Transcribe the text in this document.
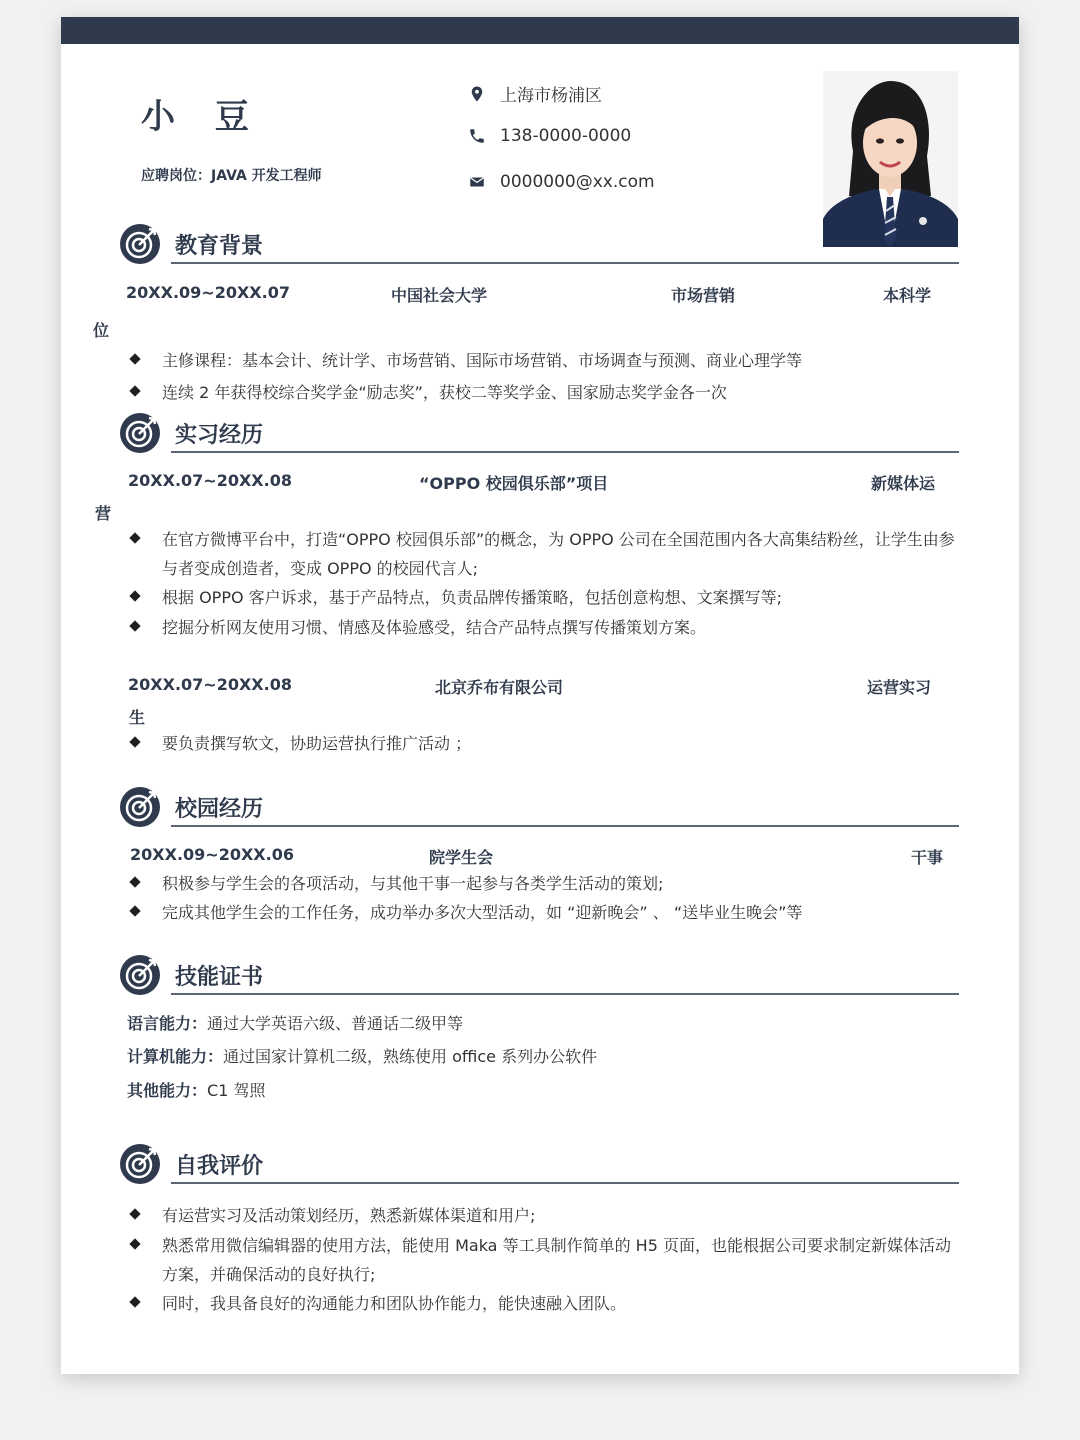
小 豆
应聘岗位：JAVA 开发工程师
上海市杨浦区
138-0000-0000
0000000@xx.com
教育背景
20XX.09~20XX.07	中国社会大学	市场营销	本科学
位
主修课程：基本会计、统计学、市场营销、国际市场营销、市场调查与预测、商业心理学等
连续 2 年获得校综合奖学金“励志奖”，获校二等奖学金、国家励志奖学金各一次
实习经历
20XX.07~20XX.08	“OPPO 校园俱乐部”项目	新媒体运
营
在官方微博平台中，打造“OPPO 校园俱乐部”的概念，为 OPPO 公司在全国范围内各大高集结粉丝，让学生由参与者变成创造者，变成 OPPO 的校园代言人;
根据 OPPO 客户诉求，基于产品特点，负责品牌传播策略，包括创意构想、文案撰写等;
挖掘分析网友使用习惯、情感及体验感受，结合产品特点撰写传播策划方案。
20XX.07~20XX.08	北京乔布有限公司	运营实习
生
要负责撰写软文，协助运营执行推广活动 ；
校园经历
20XX.09~20XX.06	院学生会	干事
积极参与学生会的各项活动，与其他干事一起参与各类学生活动的策划;
完成其他学生会的工作任务，成功举办多次大型活动，如 “迎新晚会” 、 “送毕业生晚会”等
技能证书
语言能力：通过大学英语六级、普通话二级甲等
计算机能力：通过国家计算机二级，熟练使用 office 系列办公软件
其他能力：C1 驾照
自我评价
有运营实习及活动策划经历，熟悉新媒体渠道和用户;
熟悉常用微信编辑器的使用方法，能使用 Maka 等工具制作简单的 H5 页面，也能根据公司要求制定新媒体活动方案，并确保活动的良好执行;
同时，我具备良好的沟通能力和团队协作能力，能快速融入团队。
